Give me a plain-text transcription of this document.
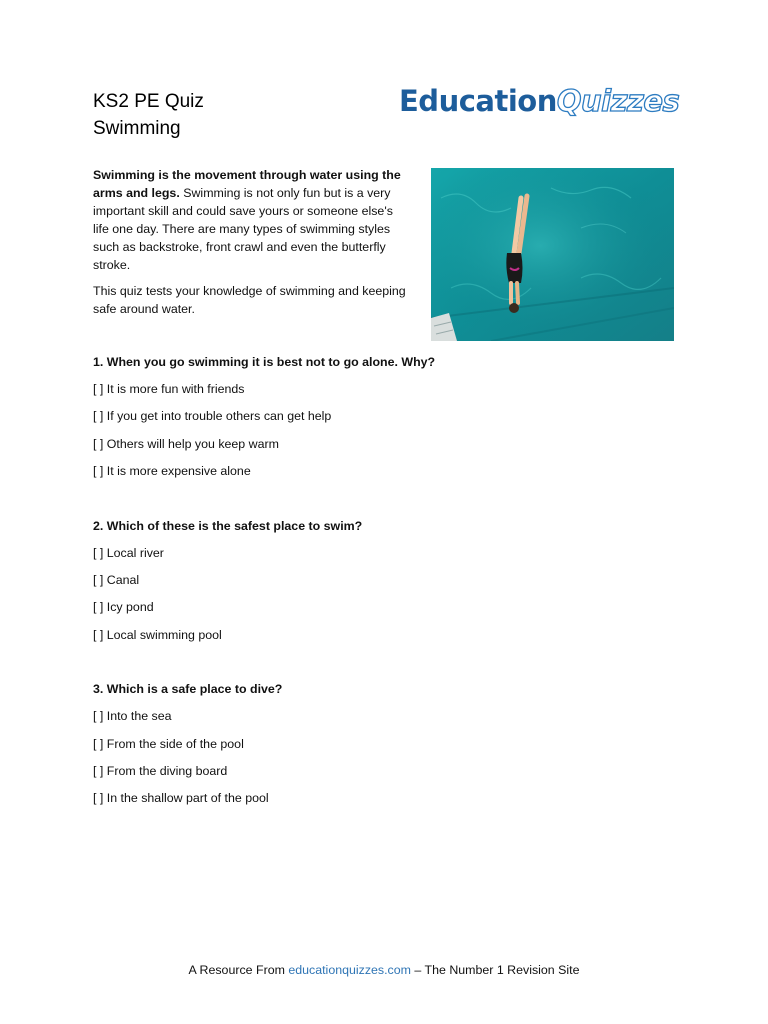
KS2 PE Quiz
Swimming
EducationQuizzes

Swimming is the movement through water using the arms and legs. Swimming is not only fun but is a very important skill and could save yours or someone else's life one day. There are many types of swimming styles such as backstroke, front crawl and even the butterfly stroke.

This quiz tests your knowledge of swimming and keeping safe around water.

1. When you go swimming it is best not to go alone. Why?
[ ] It is more fun with friends
[ ] If you get into trouble others can get help
[ ] Others will help you keep warm
[ ] It is more expensive alone
2. Which of these is the safest place to swim?
[ ] Local river
[ ] Canal
[ ] Icy pond
[ ] Local swimming pool
3. Which is a safe place to dive?
[ ] Into the sea
[ ] From the side of the pool
[ ] From the diving board
[ ] In the shallow part of the pool
A Resource From educationquizzes.com – The Number 1 Revision Site
